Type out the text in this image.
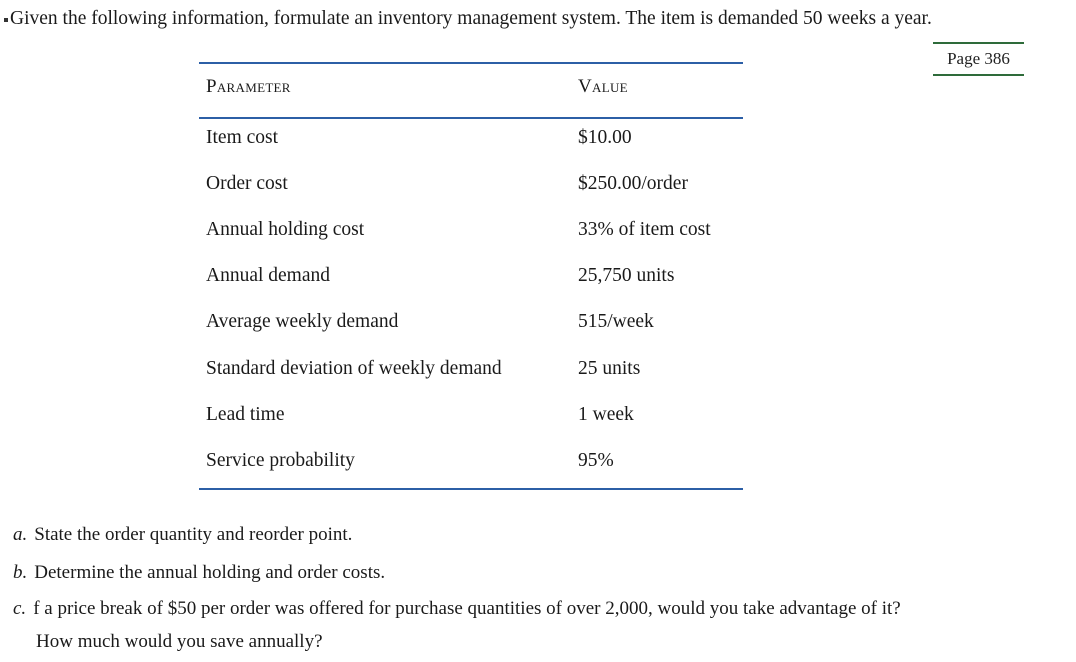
Given the following information, formulate an inventory management system. The item is demanded 50 weeks a year.
Page 386
Parameter	Value
Item cost	$10.00
Order cost	$250.00/order
Annual holding cost	33% of item cost
Annual demand	25,750 units
Average weekly demand	515/week
Standard deviation of weekly demand	25 units
Lead time	1 week
Service probability	95%
a. State the order quantity and reorder point.
b. Determine the annual holding and order costs.
c. f a price break of $50 per order was offered for purchase quantities of over 2,000, would you take advantage of it?
How much would you save annually?
